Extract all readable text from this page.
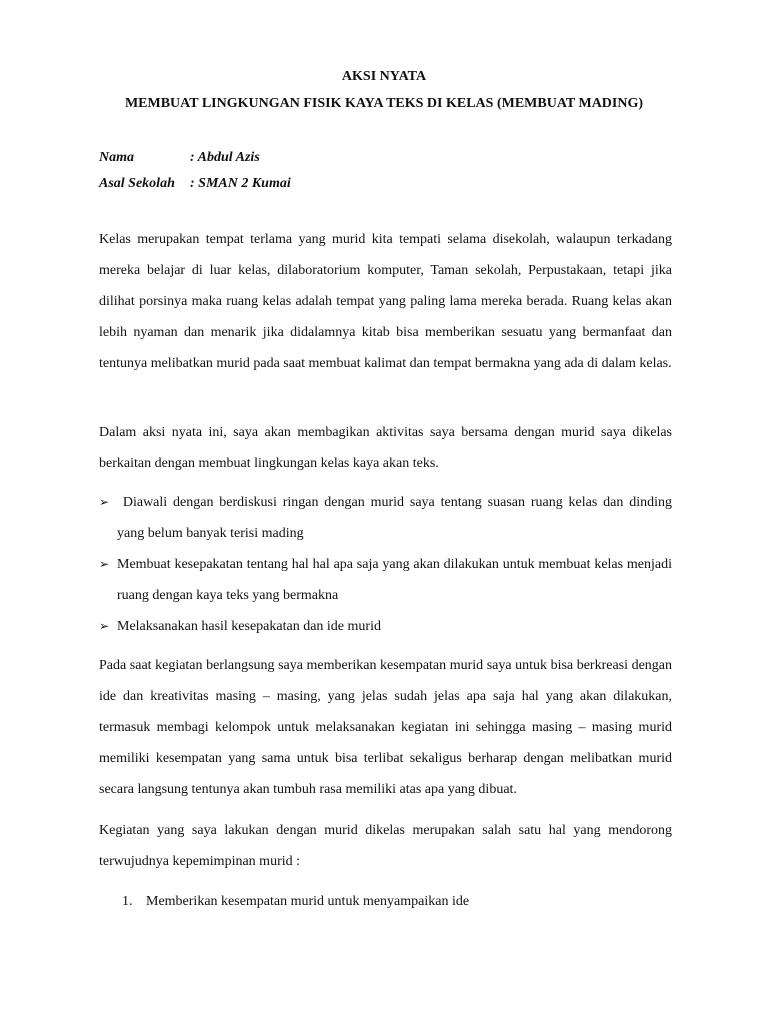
AKSI NYATA
MEMBUAT LINGKUNGAN FISIK KAYA TEKS DI KELAS (MEMBUAT MADING)
Nama	: Abdul Azis
Asal Sekolah : SMAN 2 Kumai

Kelas merupakan tempat terlama yang murid kita tempati selama disekolah, walaupun terkadang mereka belajar di luar kelas, dilaboratorium komputer, Taman sekolah, Perpustakaan, tetapi jika dilihat porsinya maka ruang kelas adalah tempat yang paling lama mereka berada. Ruang kelas akan lebih nyaman dan menarik jika didalamnya kitab bisa memberikan sesuatu yang bermanfaat dan tentunya melibatkan murid pada saat membuat kalimat dan tempat bermakna yang ada di dalam kelas.

Dalam aksi nyata ini, saya akan membagikan aktivitas saya bersama dengan murid saya dikelas berkaitan dengan membuat lingkungan kelas kaya akan teks.

➢ Diawali dengan berdiskusi ringan dengan murid saya tentang suasan ruang kelas dan dinding yang belum banyak terisi mading
➢ Membuat kesepakatan tentang hal hal apa saja yang akan dilakukan untuk membuat kelas menjadi ruang dengan kaya teks yang bermakna
➢ Melaksanakan hasil kesepakatan dan ide murid

Pada saat kegiatan berlangsung saya memberikan kesempatan murid saya untuk bisa berkreasi dengan ide dan kreativitas masing – masing, yang jelas sudah jelas apa saja hal yang akan dilakukan, termasuk membagi kelompok untuk melaksanakan kegiatan ini sehingga masing – masing murid memiliki kesempatan yang sama untuk bisa terlibat sekaligus berharap dengan melibatkan murid secara langsung tentunya akan tumbuh rasa memiliki atas apa yang dibuat.

Kegiatan yang saya lakukan dengan murid dikelas merupakan salah satu hal yang mendorong terwujudnya kepemimpinan murid :

1. Memberikan kesempatan murid untuk menyampaikan ide
